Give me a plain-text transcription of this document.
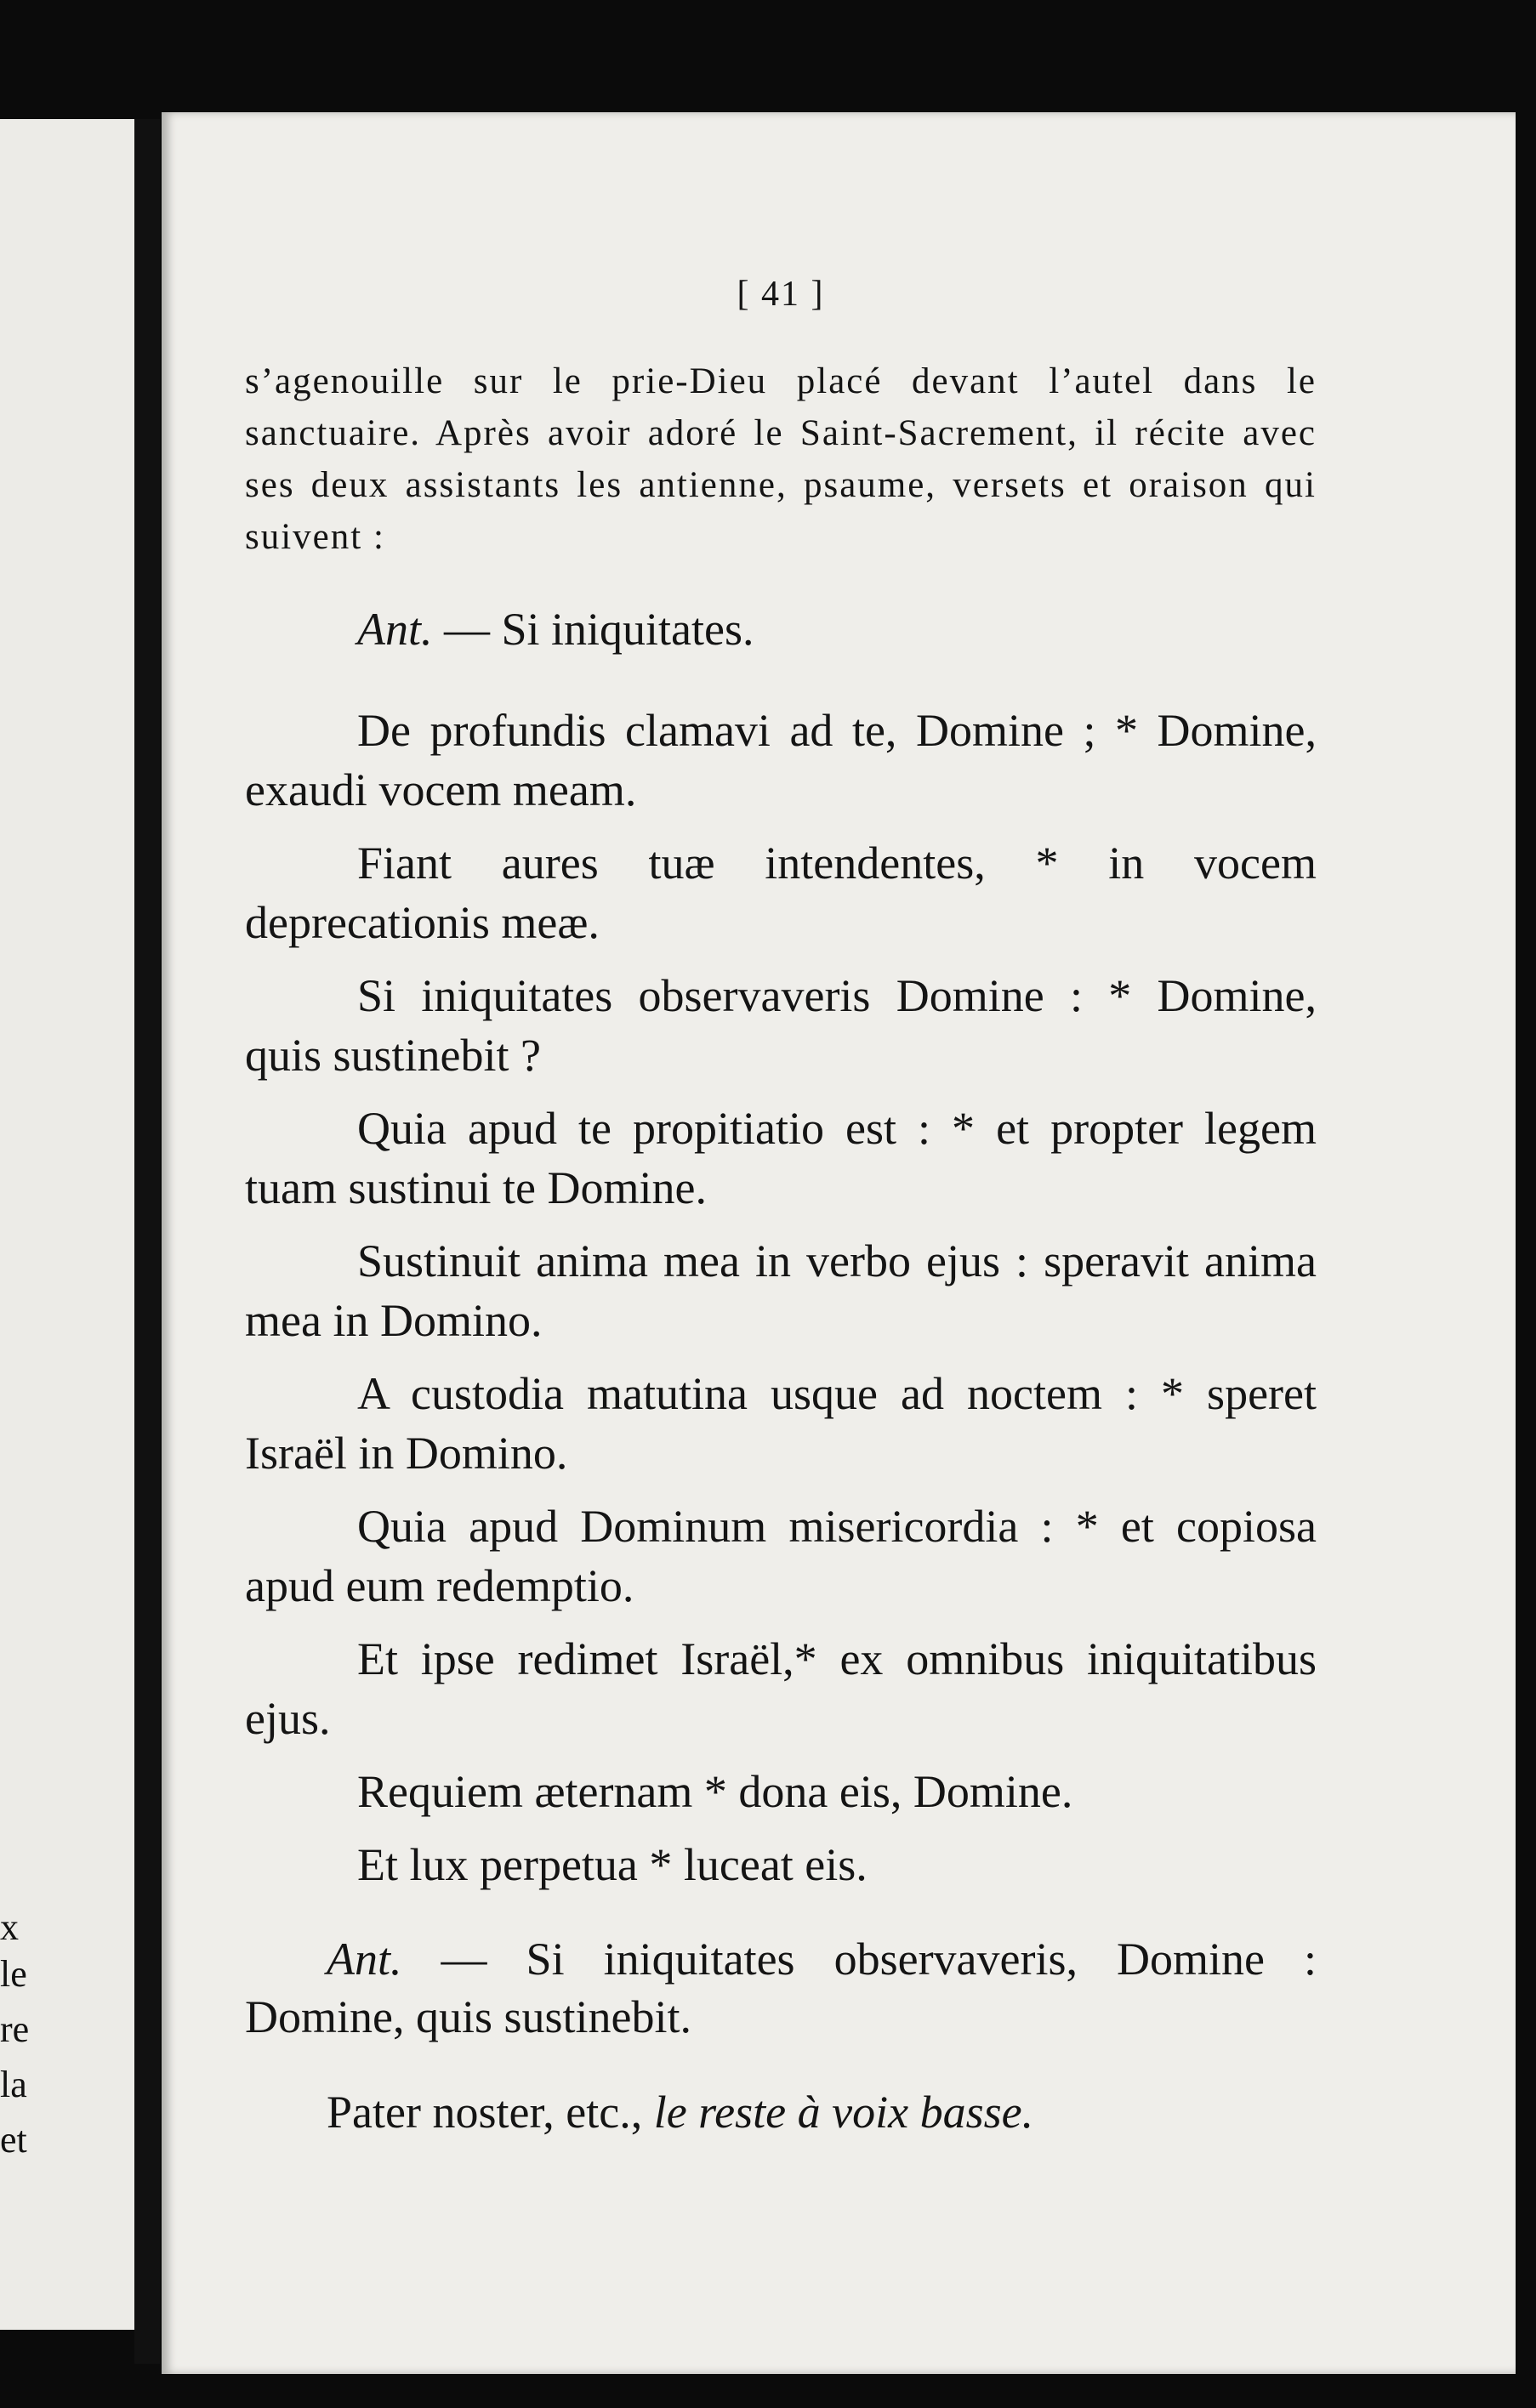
x

le

re

la

et

[ 41 ]

s’agenouille sur le prie-Dieu placé devant l’autel dans le sanctuaire. Après avoir adoré le Saint-Sacrement, il récite avec ses deux assistants les antienne, psaume, versets et oraison qui suivent :

Ant. — Si iniquitates.

De profundis clamavi ad te, Domine ; * Domine, exaudi vocem meam.

Fiant aures tuæ intendentes, * in vocem deprecationis meæ.

Si iniquitates observaveris Domine : * Domine, quis sustinebit ?

Quia apud te propitiatio est : * et propter legem tuam sustinui te Domine.

Sustinuit anima mea in verbo ejus : speravit anima mea in Domino.

A custodia matutina usque ad noctem : * speret Israël in Domino.

Quia apud Dominum misericordia : * et copiosa apud eum redemptio.

Et ipse redimet Israël,* ex omnibus iniquitatibus ejus.

Requiem æternam * dona eis, Domine.

Et lux perpetua * luceat eis.

Ant. — Si iniquitates observaveris, Domine : Domine, quis sustinebit.

Pater noster, etc., le reste à voix basse.
